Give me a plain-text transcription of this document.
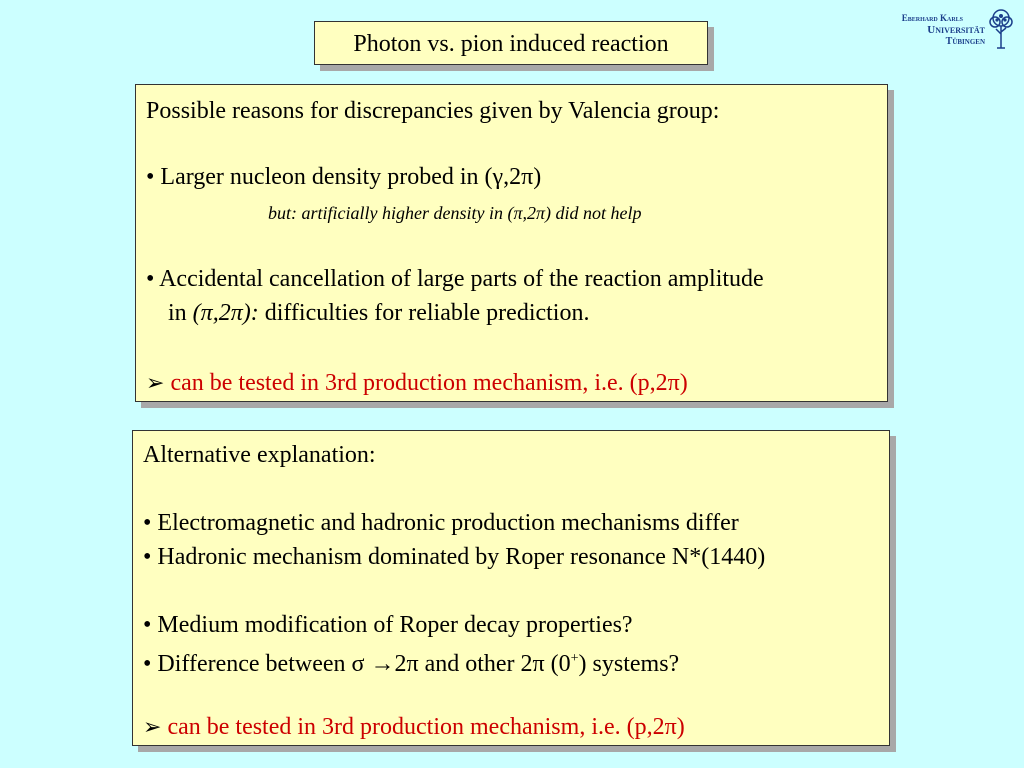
Photon vs. pion induced reaction
Eberhard Karls
Universität
Tübingen
Possible reasons for discrepancies given by Valencia group:
• Larger nucleon density probed in (γ,2π)
but: artificially higher density in (π,2π) did not help
• Accidental cancellation of large parts of the reaction amplitude
in (π,2π): difficulties for reliable prediction.
➢ can be tested in 3rd production mechanism, i.e. (p,2π)
Alternative explanation:
• Electromagnetic and hadronic production mechanisms differ
• Hadronic mechanism dominated by Roper resonance N*(1440)
• Medium modification of Roper decay properties?
• Difference between σ →2π and other 2π (0+) systems?
➢ can be tested in 3rd production mechanism, i.e. (p,2π)
